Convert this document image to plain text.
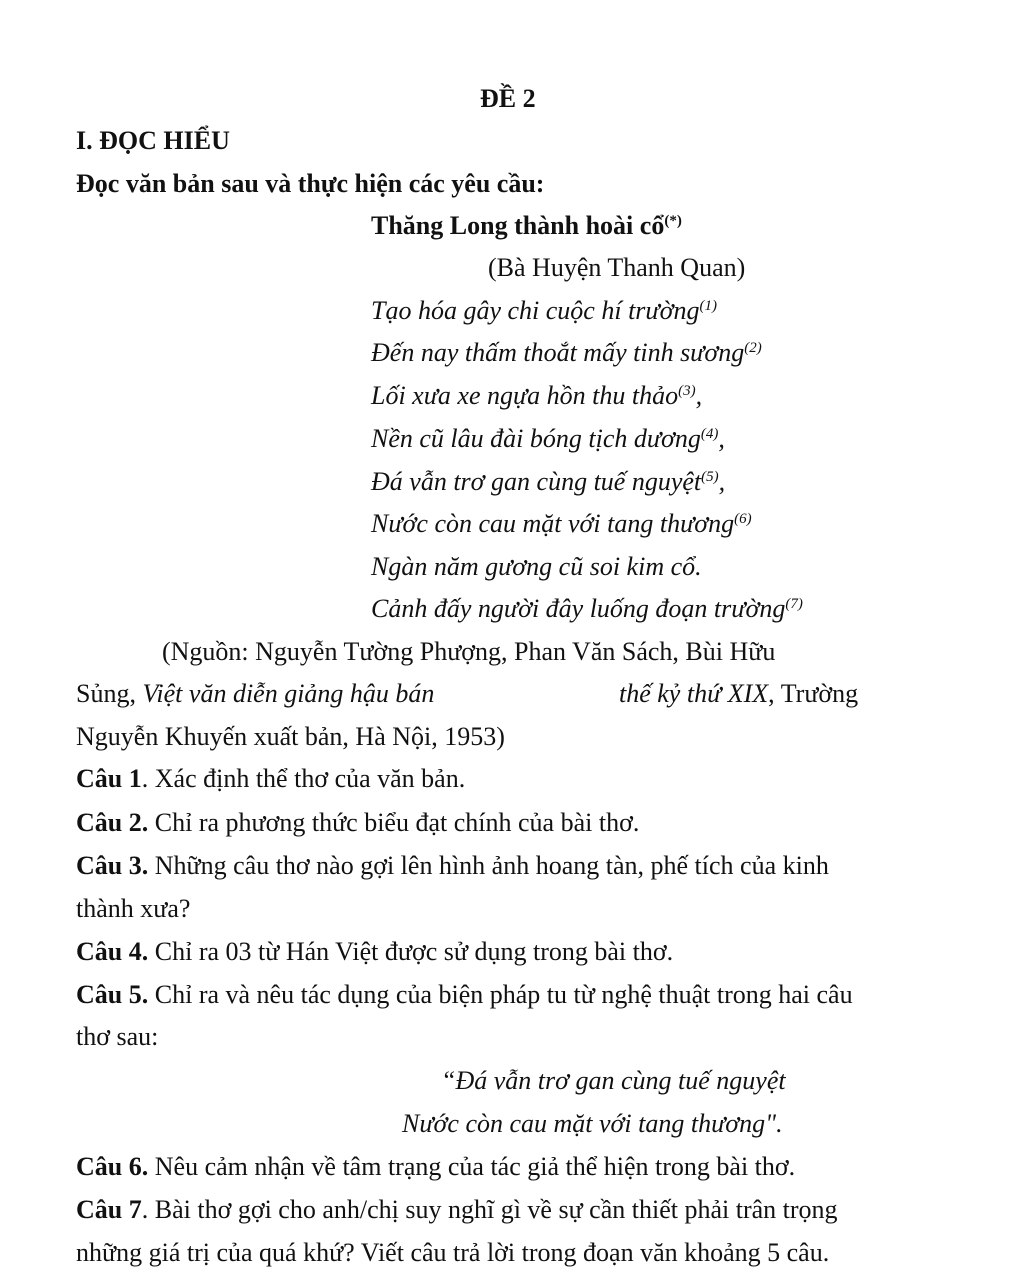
ĐỀ 2
I. ĐỌC HIỂU
Đọc văn bản sau và thực hiện các yêu cầu:
Thăng Long thành hoài cổ(*)
(Bà Huyện Thanh Quan)
Tạo hóa gây chi cuộc hí trường$^{(1)}$
Đến nay thấm thoắt mấy tinh sương$^{(2)}$
Lối xưa xe ngựa hồn thu thảo$^{(3)}$,
Nền cũ lâu đài bóng tịch dương$^{(4)}$,
Đá vẫn trơ gan cùng tuế nguyệt$^{(5)}$,
Nước còn cau mặt với tang thương$^{(6)}$
Ngàn năm gương cũ soi kim cổ.
Cảnh đấy người đây luống đoạn trường$^{(7)}$
(Nguồn: Nguyễn Tường Phượng, Phan Văn Sách, Bùi Hữu
Sủng, Việt văn diễn giảng hậu bán	thế kỷ thứ XIX, Trường
Nguyễn Khuyến xuất bản, Hà Nội, 1953)
Câu 1. Xác định thể thơ của văn bản.
Câu 2. Chỉ ra phương thức biểu đạt chính của bài thơ.
Câu 3. Những câu thơ nào gợi lên hình ảnh hoang tàn, phế tích của kinh
thành xưa?
Câu 4. Chỉ ra 03 từ Hán Việt được sử dụng trong bài thơ.
Câu 5. Chỉ ra và nêu tác dụng của biện pháp tu từ nghệ thuật trong hai câu
thơ sau:
“Đá vẫn trơ gan cùng tuế nguyệt
Nước còn cau mặt với tang thương".
Câu 6. Nêu cảm nhận về tâm trạng của tác giả thể hiện trong bài thơ.
Câu 7. Bài thơ gợi cho anh/chị suy nghĩ gì về sự cần thiết phải trân trọng
những giá trị của quá khứ? Viết câu trả lời trong đoạn văn khoảng 5 câu.
